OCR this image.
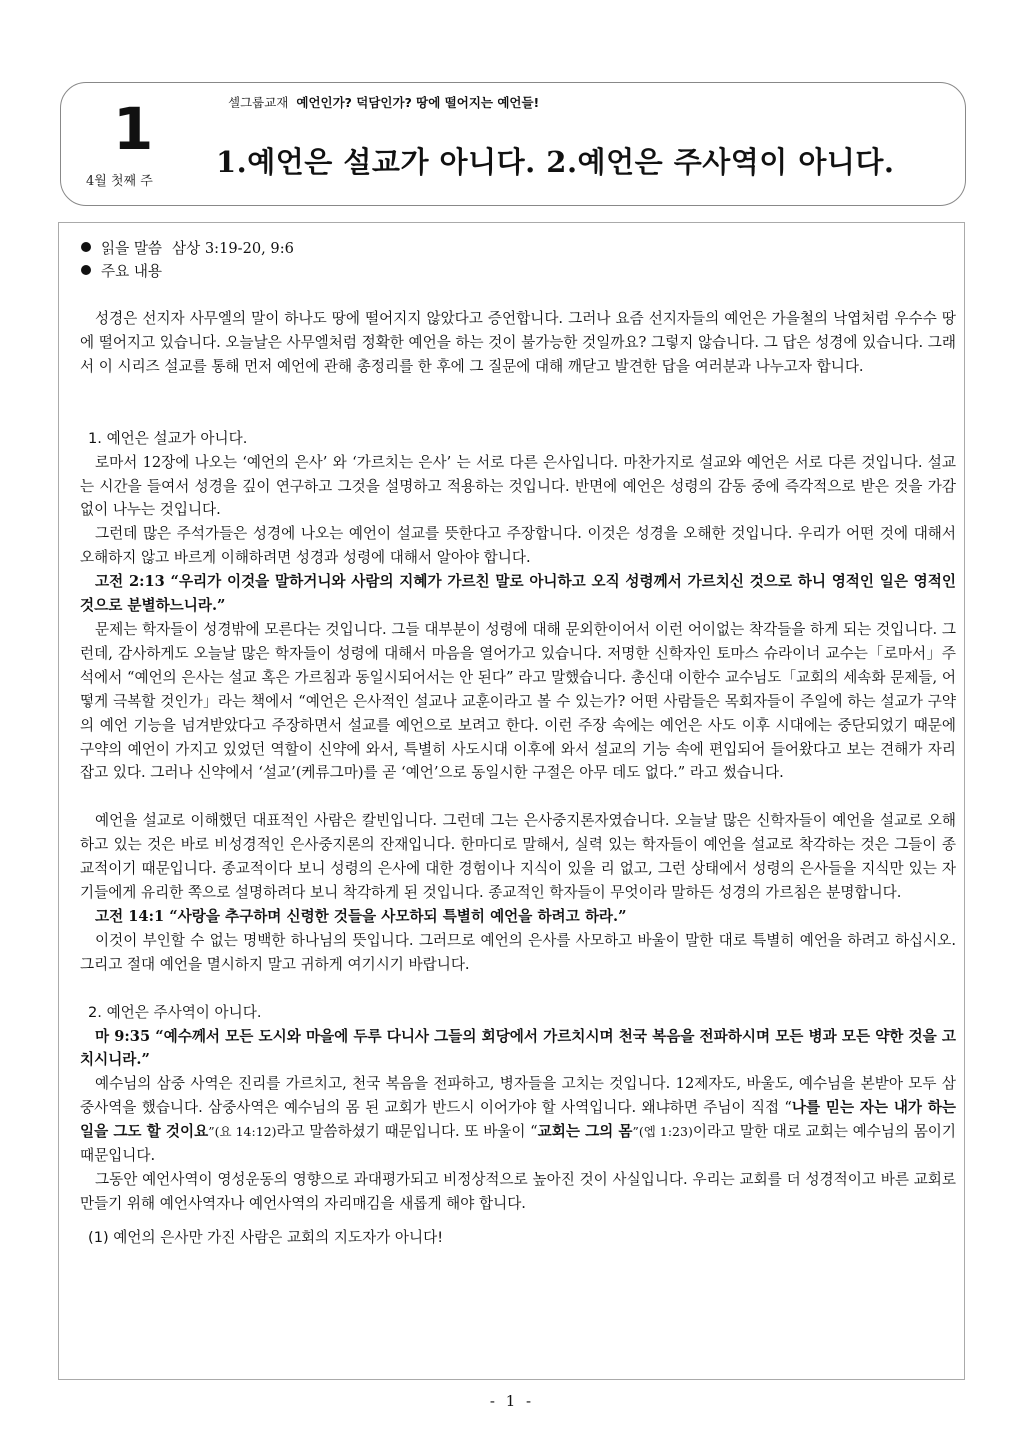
1
4월 첫째 주
셀그룹교재 예언인가? 덕담인가? 땅에 떨어지는 예언들!
1.예언은 설교가 아니다. 2.예언은 주사역이 아니다.
읽을 말씀 삼상 3:19-20, 9:6
주요 내용

성경은 선지자 사무엘의 말이 하나도 땅에 떨어지지 않았다고 증언합니다. 그러나 요즘 선지자들의 예언은 가을철의 낙엽처럼 우수수 땅에 떨어지고 있습니다. 오늘날은 사무엘처럼 정확한 예언을 하는 것이 불가능한 것일까요? 그렇지 않습니다. 그 답은 성경에 있습니다. 그래서 이 시리즈 설교를 통해 먼저 예언에 관해 총정리를 한 후에 그 질문에 대해 깨닫고 발견한 답을 여러분과 나누고자 합니다.

1. 예언은 설교가 아니다.

로마서 12장에 나오는 ‘예언의 은사’ 와 ‘가르치는 은사’ 는 서로 다른 은사입니다. 마찬가지로 설교와 예언은 서로 다른 것입니다. 설교는 시간을 들여서 성경을 깊이 연구하고 그것을 설명하고 적용하는 것입니다. 반면에 예언은 성령의 감동 중에 즉각적으로 받은 것을 가감 없이 나누는 것입니다.

그런데 많은 주석가들은 성경에 나오는 예언이 설교를 뜻한다고 주장합니다. 이것은 성경을 오해한 것입니다. 우리가 어떤 것에 대해서 오해하지 않고 바르게 이해하려면 성경과 성령에 대해서 알아야 합니다.

고전 2:13 “우리가 이것을 말하거니와 사람의 지혜가 가르친 말로 아니하고 오직 성령께서 가르치신 것으로 하니 영적인 일은 영적인 것으로 분별하느니라.”

문제는 학자들이 성경밖에 모른다는 것입니다. 그들 대부분이 성령에 대해 문외한이어서 이런 어이없는 착각들을 하게 되는 것입니다. 그런데, 감사하게도 오늘날 많은 학자들이 성령에 대해서 마음을 열어가고 있습니다. 저명한 신학자인 토마스 슈라이너 교수는「로마서」주석에서 “예언의 은사는 설교 혹은 가르침과 동일시되어서는 안 된다” 라고 말했습니다. 총신대 이한수 교수님도「교회의 세속화 문제들, 어떻게 극복할 것인가」라는 책에서 “예언은 은사적인 설교나 교훈이라고 볼 수 있는가? 어떤 사람들은 목회자들이 주일에 하는 설교가 구약의 예언 기능을 넘겨받았다고 주장하면서 설교를 예언으로 보려고 한다. 이런 주장 속에는 예언은 사도 이후 시대에는 중단되었기 때문에 구약의 예언이 가지고 있었던 역할이 신약에 와서, 특별히 사도시대 이후에 와서 설교의 기능 속에 편입되어 들어왔다고 보는 견해가 자리 잡고 있다. 그러나 신약에서 ‘설교’(케류그마)를 곧 ‘예언’으로 동일시한 구절은 아무 데도 없다.” 라고 썼습니다.

예언을 설교로 이해했던 대표적인 사람은 칼빈입니다. 그런데 그는 은사중지론자였습니다. 오늘날 많은 신학자들이 예언을 설교로 오해하고 있는 것은 바로 비성경적인 은사중지론의 잔재입니다. 한마디로 말해서, 실력 있는 학자들이 예언을 설교로 착각하는 것은 그들이 종교적이기 때문입니다. 종교적이다 보니 성령의 은사에 대한 경험이나 지식이 있을 리 없고, 그런 상태에서 성령의 은사들을 지식만 있는 자기들에게 유리한 쪽으로 설명하려다 보니 착각하게 된 것입니다. 종교적인 학자들이 무엇이라 말하든 성경의 가르침은 분명합니다.

고전 14:1 “사랑을 추구하며 신령한 것들을 사모하되 특별히 예언을 하려고 하라.”

이것이 부인할 수 없는 명백한 하나님의 뜻입니다. 그러므로 예언의 은사를 사모하고 바울이 말한 대로 특별히 예언을 하려고 하십시오. 그리고 절대 예언을 멸시하지 말고 귀하게 여기시기 바랍니다.

2. 예언은 주사역이 아니다.

마 9:35 “예수께서 모든 도시와 마을에 두루 다니사 그들의 회당에서 가르치시며 천국 복음을 전파하시며 모든 병과 모든 약한 것을 고치시니라.”

예수님의 삼중 사역은 진리를 가르치고, 천국 복음을 전파하고, 병자들을 고치는 것입니다. 12제자도, 바울도, 예수님을 본받아 모두 삼중사역을 했습니다. 삼중사역은 예수님의 몸 된 교회가 반드시 이어가야 할 사역입니다. 왜냐하면 주님이 직접 “나를 믿는 자는 내가 하는 일을 그도 할 것이요”(요 14:12)라고 말씀하셨기 때문입니다. 또 바울이 “교회는 그의 몸”(엡 1:23)이라고 말한 대로 교회는 예수님의 몸이기 때문입니다.

그동안 예언사역이 영성운동의 영향으로 과대평가되고 비정상적으로 높아진 것이 사실입니다. 우리는 교회를 더 성경적이고 바른 교회로 만들기 위해 예언사역자나 예언사역의 자리매김을 새롭게 해야 합니다.

(1) 예언의 은사만 가진 사람은 교회의 지도자가 아니다!

- 1 -
